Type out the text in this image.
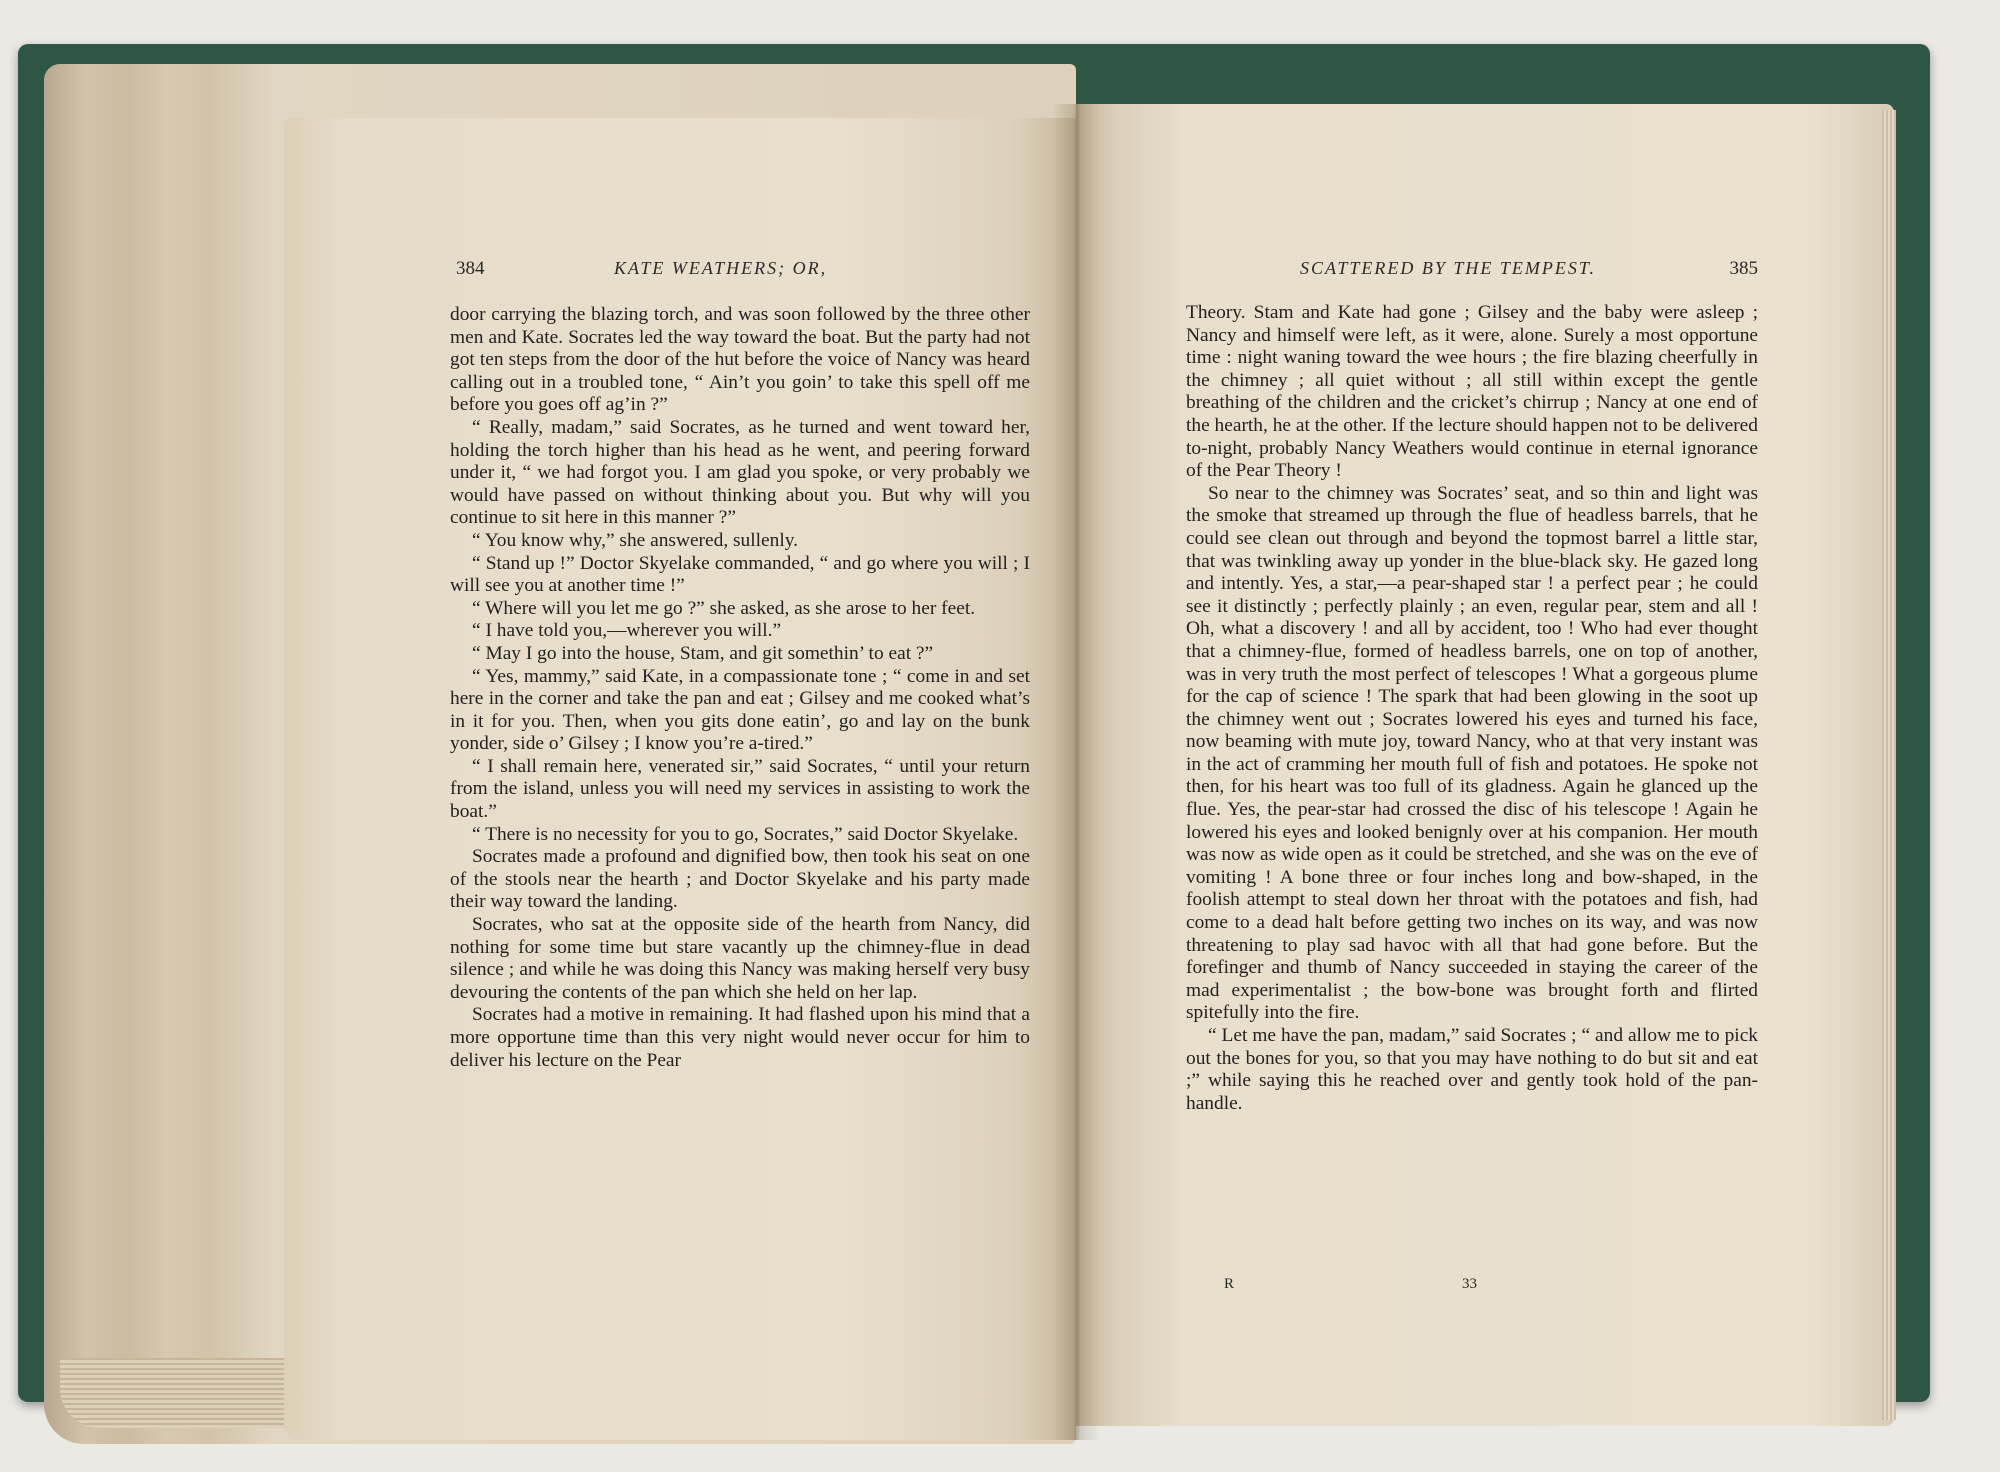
384	KATE WEATHERS; OR,

door carrying the blazing torch, and was soon followed by the three other men and Kate. Socrates led the way toward the boat. But the party had not got ten steps from the door of the hut before the voice of Nancy was heard calling out in a troubled tone, “ Ain’t you goin’ to take this spell off me before you goes off ag’in ?”

“ Really, madam,” said Socrates, as he turned and went toward her, holding the torch higher than his head as he went, and peering forward under it, “ we had forgot you. I am glad you spoke, or very probably we would have passed on without thinking about you. But why will you continue to sit here in this manner ?”

“ You know why,” she answered, sullenly.

“ Stand up !” Doctor Skyelake commanded, “ and go where you will ; I will see you at another time !”

“ Where will you let me go ?” she asked, as she arose to her feet.

“ I have told you,—wherever you will.”

“ May I go into the house, Stam, and git somethin’ to eat ?”

“ Yes, mammy,” said Kate, in a compassionate tone ; “ come in and set here in the corner and take the pan and eat ; Gilsey and me cooked what’s in it for you. Then, when you gits done eatin’, go and lay on the bunk yonder, side o’ Gilsey ; I know you’re a-tired.”

“ I shall remain here, venerated sir,” said Socrates, “ until your return from the island, unless you will need my services in assisting to work the boat.”

“ There is no necessity for you to go, Socrates,” said Doctor Skyelake.

Socrates made a profound and dignified bow, then took his seat on one of the stools near the hearth ; and Doctor Skyelake and his party made their way toward the landing.

Socrates, who sat at the opposite side of the hearth from Nancy, did nothing for some time but stare vacantly up the chimney-flue in dead silence ; and while he was doing this Nancy was making herself very busy devouring the contents of the pan which she held on her lap.

Socrates had a motive in remaining. It had flashed upon his mind that a more opportune time than this very night would never occur for him to deliver his lecture on the Pear

SCATTERED BY THE TEMPEST.	385

Theory. Stam and Kate had gone ; Gilsey and the baby were asleep ; Nancy and himself were left, as it were, alone. Surely a most opportune time : night waning toward the wee hours ; the fire blazing cheerfully in the chimney ; all quiet without ; all still within except the gentle breathing of the children and the cricket’s chirrup ; Nancy at one end of the hearth, he at the other. If the lecture should happen not to be delivered to-night, probably Nancy Weathers would continue in eternal ignorance of the Pear Theory !

So near to the chimney was Socrates’ seat, and so thin and light was the smoke that streamed up through the flue of headless barrels, that he could see clean out through and beyond the topmost barrel a little star, that was twinkling away up yonder in the blue-black sky. He gazed long and intently. Yes, a star,—a pear-shaped star ! a perfect pear ; he could see it distinctly ; perfectly plainly ; an even, regular pear, stem and all ! Oh, what a discovery ! and all by accident, too ! Who had ever thought that a chimney-flue, formed of headless barrels, one on top of another, was in very truth the most perfect of telescopes ! What a gorgeous plume for the cap of science ! The spark that had been glowing in the soot up the chimney went out ; Socrates lowered his eyes and turned his face, now beaming with mute joy, toward Nancy, who at that very instant was in the act of cramming her mouth full of fish and potatoes. He spoke not then, for his heart was too full of its gladness. Again he glanced up the flue. Yes, the pear-star had crossed the disc of his telescope ! Again he lowered his eyes and looked benignly over at his companion. Her mouth was now as wide open as it could be stretched, and she was on the eve of vomiting ! A bone three or four inches long and bow-shaped, in the foolish attempt to steal down her throat with the potatoes and fish, had come to a dead halt before getting two inches on its way, and was now threatening to play sad havoc with all that had gone before. But the forefinger and thumb of Nancy succeeded in staying the career of the mad experimentalist ; the bow-bone was brought forth and flirted spitefully into the fire.

“ Let me have the pan, madam,” said Socrates ; “ and allow me to pick out the bones for you, so that you may have nothing to do but sit and eat ;” while saying this he reached over and gently took hold of the pan-handle.

R	33
